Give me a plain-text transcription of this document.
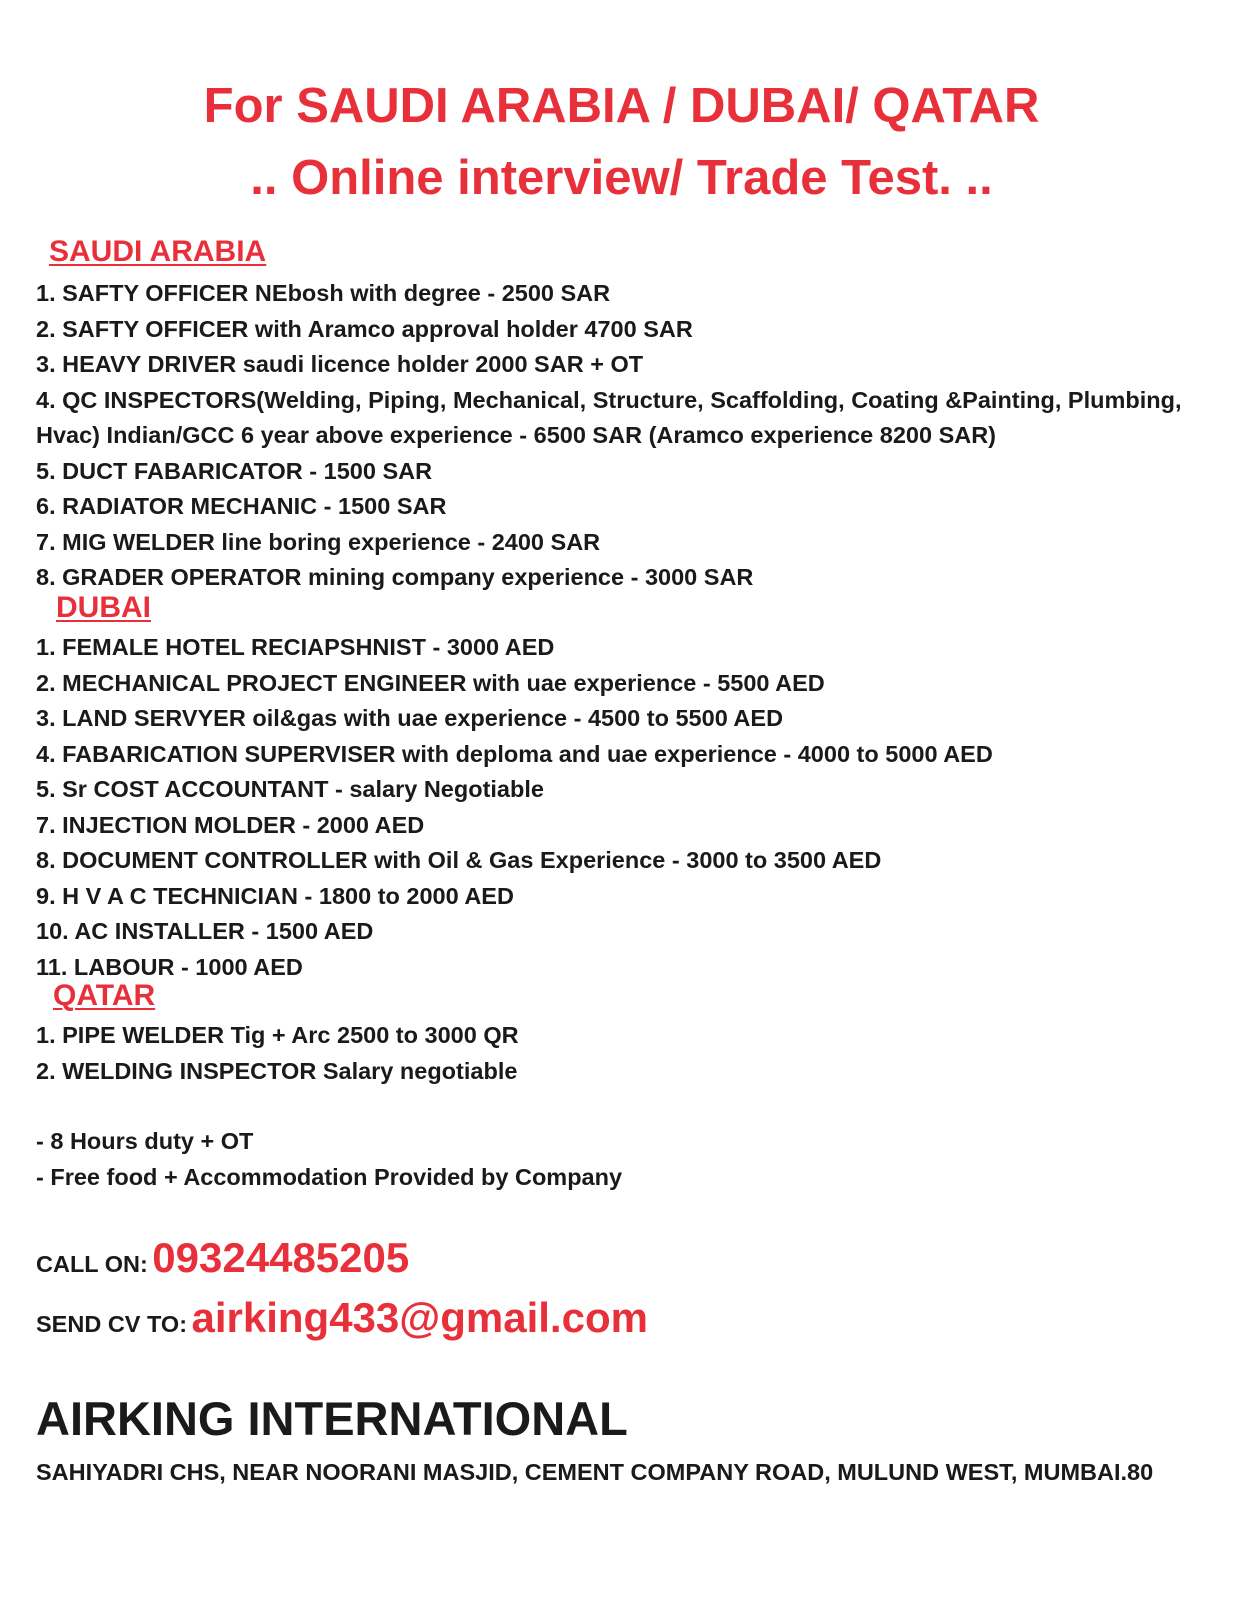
For SAUDI ARABIA / DUBAI/ QATAR
.. Online interview/ Trade Test. ..
SAUDI ARABIA
1. SAFTY OFFICER NEbosh with degree - 2500 SAR
2. SAFTY OFFICER with Aramco approval holder 4700 SAR
3. HEAVY DRIVER saudi licence holder 2000 SAR + OT
4. QC INSPECTORS(Welding, Piping, Mechanical, Structure, Scaffolding, Coating &Painting, Plumbing, Hvac) Indian/GCC 6 year above experience - 6500 SAR (Aramco experience 8200 SAR)
5. DUCT FABARICATOR - 1500 SAR
6. RADIATOR MECHANIC - 1500 SAR
7. MIG WELDER line boring experience - 2400 SAR
8. GRADER OPERATOR mining company experience - 3000 SAR
DUBAI
1. FEMALE HOTEL RECIAPSHNIST - 3000 AED
2. MECHANICAL PROJECT ENGINEER with uae experience - 5500 AED
3. LAND SERVYER oil&gas with uae experience - 4500 to 5500 AED
4. FABARICATION SUPERVISER with deploma and uae experience - 4000 to 5000 AED
5. Sr COST ACCOUNTANT - salary Negotiable
7. INJECTION MOLDER - 2000 AED
8. DOCUMENT CONTROLLER with Oil & Gas Experience - 3000 to 3500 AED
9. H V A C TECHNICIAN - 1800 to 2000 AED
10. AC INSTALLER - 1500 AED
11. LABOUR - 1000 AED
QATAR
1. PIPE WELDER Tig + Arc 2500 to 3000 QR
2. WELDING INSPECTOR Salary negotiable
- 8 Hours duty + OT
- Free food + Accommodation Provided by Company
CALL ON: 09324485205
SEND CV TO: airking433@gmail.com
AIRKING INTERNATIONAL
SAHIYADRI CHS, NEAR NOORANI MASJID, CEMENT COMPANY ROAD, MULUND WEST, MUMBAI.80
